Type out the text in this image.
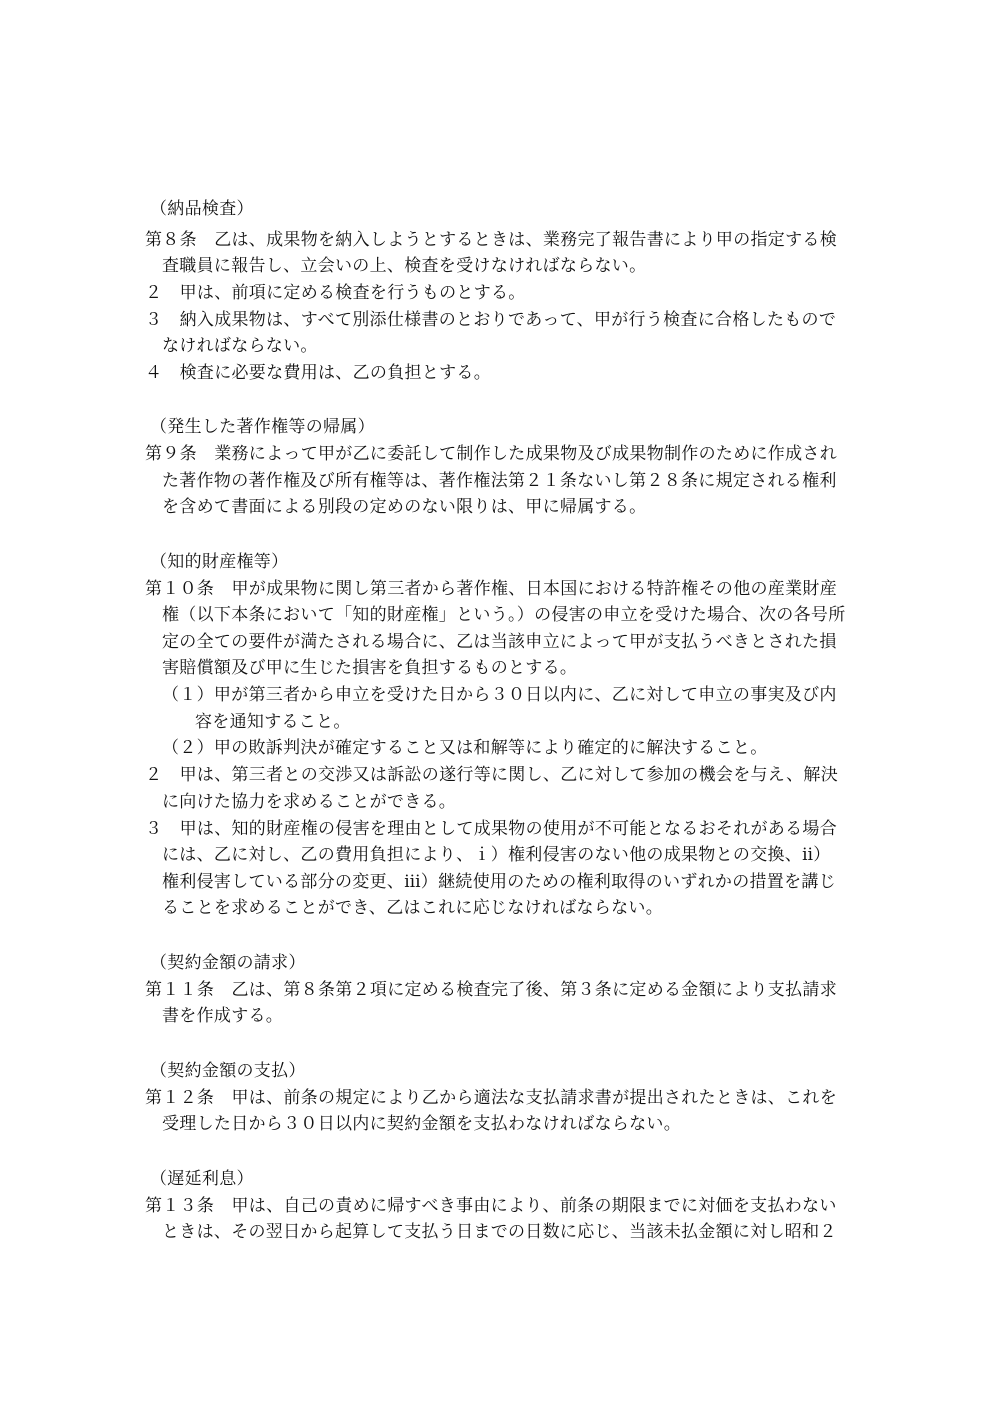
（納品検査）
第８条　乙は、成果物を納入しようとするときは、業務完了報告書により甲の指定する検
査職員に報告し、立会いの上、検査を受けなければならない。
２　甲は、前項に定める検査を行うものとする。
３　納入成果物は、すべて別添仕様書のとおりであって、甲が行う検査に合格したもので
なければならない。
４　検査に必要な費用は、乙の負担とする。
（発生した著作権等の帰属）
第９条　業務によって甲が乙に委託して制作した成果物及び成果物制作のために作成され
た著作物の著作権及び所有権等は、著作権法第２１条ないし第２８条に規定される権利
を含めて書面による別段の定めのない限りは、甲に帰属する。
（知的財産権等）
第１０条　甲が成果物に関し第三者から著作権、日本国における特許権その他の産業財産
権（以下本条において「知的財産権」という。）の侵害の申立を受けた場合、次の各号所
定の全ての要件が満たされる場合に、乙は当該申立によって甲が支払うべきとされた損
害賠償額及び甲に生じた損害を負担するものとする。
（１）甲が第三者から申立を受けた日から３０日以内に、乙に対して申立の事実及び内
容を通知すること。
（２）甲の敗訴判決が確定すること又は和解等により確定的に解決すること。
２　甲は、第三者との交渉又は訴訟の遂行等に関し、乙に対して参加の機会を与え、解決
に向けた協力を求めることができる。
３　甲は、知的財産権の侵害を理由として成果物の使用が不可能となるおそれがある場合
には、乙に対し、乙の費用負担により、ｉ）権利侵害のない他の成果物との交換、ⅱ）
権利侵害している部分の変更、ⅲ）継続使用のための権利取得のいずれかの措置を講じ
ることを求めることができ、乙はこれに応じなければならない。
（契約金額の請求）
第１１条　乙は、第８条第２項に定める検査完了後、第３条に定める金額により支払請求
書を作成する。
（契約金額の支払）
第１２条　甲は、前条の規定により乙から適法な支払請求書が提出されたときは、これを
受理した日から３０日以内に契約金額を支払わなければならない。
（遅延利息）
第１３条　甲は、自己の責めに帰すべき事由により、前条の期限までに対価を支払わない
ときは、その翌日から起算して支払う日までの日数に応じ、当該未払金額に対し昭和２
